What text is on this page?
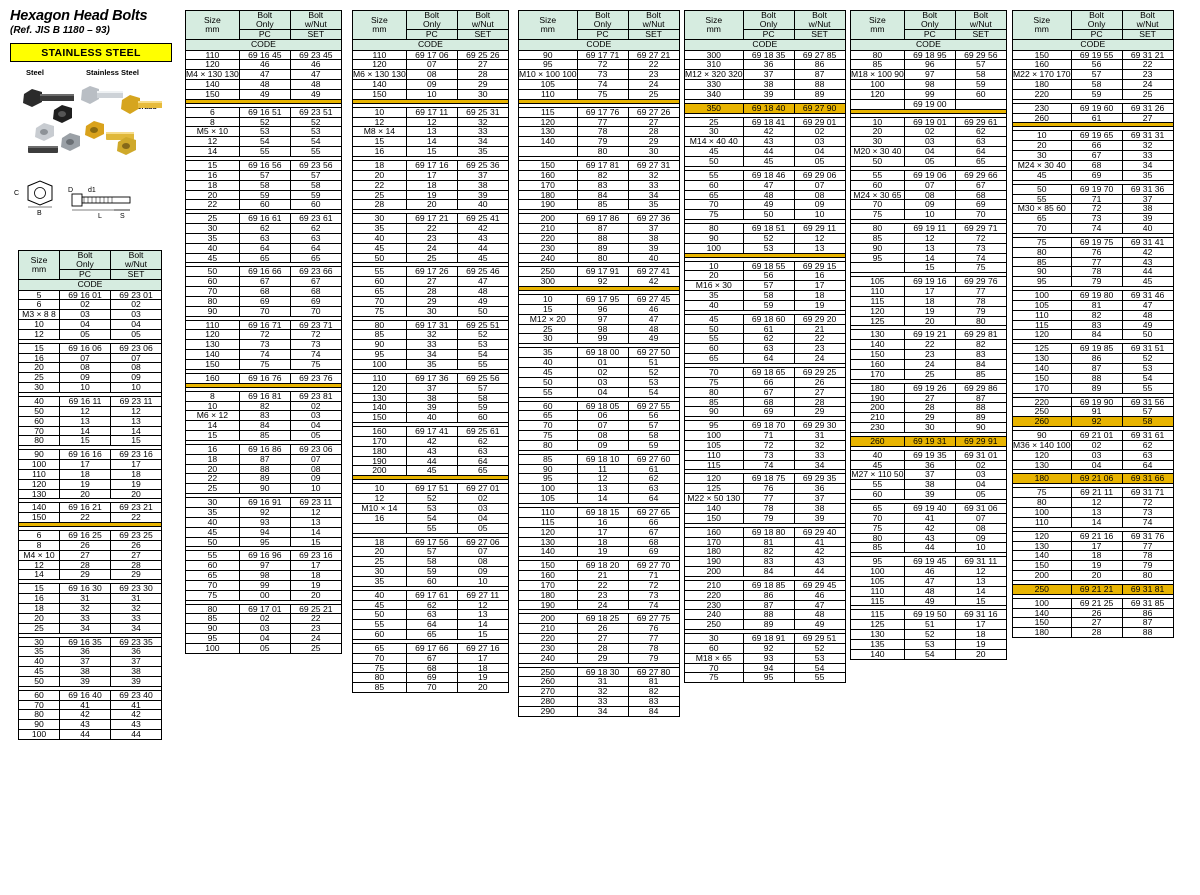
Hexagon Head Bolts
(Ref. JIS B 1180 – 93)
STAINLESS STEEL
Steel	Stainless Steel
C
B
D d1
L	S
Size
mm	Bolt
Only	Bolt
w/Nut
	PC	SET
CODE		
5	69 16 01	69 23 01
6	02	02
M3 × 8 8	03	03
10	04	04
12	05	05

15	69 16 06	69 23 06
16	07	07
20	08	08
25	09	09
30	10	10

40	69 16 11	69 23 11
50	12	12
60	13	13
70	14	14
80	15	15

90	69 16 16	69 23 16
100	17	17
110	18	18
120	19	19
130	20	20

140	69 16 21	69 23 21
150	22	22

6	69 16 25	69 23 25
8	26	26
M4 × 10	27	27
12	28	28
14	29	29

15	69 16 30	69 23 30
16	31	31
18	32	32
20	33	33
25	34	34

30	69 16 35	69 23 35
35	36	36
40	37	37
45	38	38
50	39	39

60	69 16 40	69 23 40
70	41	41
80	42	42
90	43	43
100	44	44
Size
mm	Bolt
Only	Bolt
w/Nut
	PC	SET
CODE		
110	69 16 45	69 23 45
120	46	46
M4 × 130 130	47	47
140	48	48
150	49	49

6	69 16 51	69 23 51
8	52	52
M5 × 10	53	53
12	54	54
14	55	55

15	69 16 56	69 23 56
16	57	57
18	58	58
20	59	59
22	60	60

25	69 16 61	69 23 61
30	62	62
35	63	63
40	64	64
45	65	65

50	69 16 66	69 23 66
60	67	67
70	68	68
80	69	69
90	70	70

110	69 16 71	69 23 71
120	72	72
130	73	73
140	74	74
150	75	75

160	69 16 76	69 23 76

8	69 16 81	69 23 81
10	82	02
M6 × 12	83	03
14	84	04
15	85	05

16	69 16 86	69 23 06
18	87	07
20	88	08
22	89	09
25	90	10

30	69 16 91	69 23 11
35	92	12
40	93	13
45	94	14
50	95	15

55	69 16 96	69 23 16
60	97	17
65	98	18
70	99	19
75	00	20

80	69 17 01	69 25 21
85	02	22
90	03	23
95	04	24
100	05	25
Size
mm	Bolt
Only	Bolt
w/Nut
	PC	SET
CODE		
110	69 17 06	69 25 26
120	07	27
M6 × 130 130	08	28
140	09	29
150	10	30

10	69 17 11	69 25 31
12	12	32
M8 × 14	13	33
15	14	34
16	15	35

18	69 17 16	69 25 36
20	17	37
22	18	38
25	19	39
28	20	40

30	69 17 21	69 25 41
35	22	42
40	23	43
45	24	44
50	25	45

55	69 17 26	69 25 46
60	27	47
65	28	48
70	29	49
75	30	50

80	69 17 31	69 25 51
85	32	52
90	33	53
95	34	54
100	35	55

110	69 17 36	69 25 56
120	37	57
130	38	58
140	39	59
150	40	60

160	69 17 41	69 25 61
170	42	62
180	43	63
190	44	64
200	45	65

10	69 17 51	69 27 01
12	52	02
M10 × 14	53	03
16	54	04
	55	05

18	69 17 56	69 27 06
20	57	07
25	58	08
30	59	09
35	60	10

40	69 17 61	69 27 11
45	62	12
50	63	13
55	64	14
60	65	15

65	69 17 66	69 27 16
70	67	17
75	68	18
80	69	19
85	70	20
Size
mm	Bolt
Only	Bolt
w/Nut
	PC	SET
CODE		
90	69 17 71	69 27 21
95	72	22
M10 × 100 100	73	23
105	74	24
110	75	25

115	69 17 76	69 27 26
120	77	27
130	78	28
140	79	29
	80	30

150	69 17 81	69 27 31
160	82	32
170	83	33
180	84	34
190	85	35

200	69 17 86	69 27 36
210	87	37
220	88	38
230	89	39
240	80	40

250	69 17 91	69 27 41
300	92	42

10	69 17 95	69 27 45
15	96	46
M12 × 20	97	47
25	98	48
30	99	49

35	69 18 00	69 27 50
40	01	51
45	02	52
50	03	53
55	04	54

60	69 18 05	69 27 55
65	06	56
70	07	57
75	08	58
80	09	59

85	69 18 10	69 27 60
90	11	61
95	12	62
100	13	63
105	14	64

110	69 18 15	69 27 65
115	16	66
120	17	67
130	18	68
140	19	69

150	69 18 20	69 27 70
160	21	71
170	22	72
180	23	73
190	24	74

200	69 18 25	69 27 75
210	26	76
220	27	77
230	28	78
240	29	79

250	69 18 30	69 27 80
260	31	81
270	32	82
280	33	83
290	34	84
Size
mm	Bolt
Only	Bolt
w/Nut
	PC	SET
CODE		
300	69 18 35	69 27 85
310	36	86
M12 × 320 320	37	87
330	38	88
340	39	89

350	69 18 40	69 27 90

25	69 18 41	69 29 01
30	42	02
M14 × 40 40	43	03
45	44	04
50	45	05

55	69 18 46	69 29 06
60	47	07
65	48	08
70	49	09
75	50	10

80	69 18 51	69 29 11
90	52	12
100	53	13

10	69 18 55	69 29 15
20	56	16
M16 × 30	57	17
35	58	18
40	59	19

45	69 18 60	69 29 20
50	61	21
55	62	22
60	63	23
65	64	24

70	69 18 65	69 29 25
75	66	26
80	67	27
85	68	28
90	69	29

95	69 18 70	69 29 30
100	71	31
105	72	32
110	73	33
115	74	34

120	69 18 75	69 29 35
125	76	36
M22 × 50 130	77	37
140	78	38
150	79	39

160	69 18 80	69 29 40
170	81	41
180	82	42
190	83	43
200	84	44

210	69 18 85	69 29 45
220	86	46
230	87	47
240	88	48
250	89	49

30	69 18 91	69 29 51
60	92	52
M18 × 65	93	53
70	94	54
75	95	55
Size
mm	Bolt
Only	Bolt
w/Nut
	PC	SET
CODE		
80	69 18 95	69 29 56
85	96	57
M18 × 100 90	97	58
100	98	59
120	99	60
	69 19 00	

10	69 19 01	69 29 61
20	02	62
30	03	63
M20 × 30 40	04	64
50	05	65

55	69 19 06	69 29 66
60	07	67
M24 × 30 65	08	68
70	09	69
75	10	70

80	69 19 11	69 29 71
85	12	72
90	13	73
95	14	74
	15	75

105	69 19 16	69 29 76
110	17	77
115	18	78
120	19	79
125	20	80

130	69 19 21	69 29 81
140	22	82
150	23	83
160	24	84
170	25	85

180	69 19 26	69 29 86
190	27	87
200	28	88
210	29	89
230	30	90

260	69 19 31	69 29 91

40	69 19 35	69 31 01
45	36	02
M27 × 110 50	37	03
55	38	04
60	39	05

65	69 19 40	69 31 06
70	41	07
75	42	08
80	43	09
85	44	10

95	69 19 45	69 31 11
100	46	12
105	47	13
110	48	14
115	49	15

115	69 19 50	69 31 16
125	51	17
130	52	18
135	53	19
140	54	20
Size
mm	Bolt
Only	Bolt
w/Nut
	PC	SET
CODE		
150	69 19 55	69 31 21
160	56	22
M22 × 170 170	57	23
180	58	24
220	59	25

230	69 19 60	69 31 26
260	61	27

10	69 19 65	69 31 31
20	66	32
30	67	33
M24 × 30 40	68	34
45	69	35

50	69 19 70	69 31 36
55	71	37
M30 × 85 60	72	38
65	73	39
70	74	40

75	69 19 75	69 31 41
80	76	42
85	77	43
90	78	44
95	79	45

100	69 19 80	69 31 46
105	81	47
110	82	48
115	83	49
120	84	50

125	69 19 85	69 31 51
130	86	52
140	87	53
150	88	54
170	89	55

220	69 19 90	69 31 56
250	91	57
260	92	58

90	69 21 01	69 31 61
M36 × 140 100	02	62
120	03	63
130	04	64

180	69 21 06	69 31 66

75	69 21 11	69 31 71
80	12	72
100	13	73
110	14	74

120	69 21 16	69 31 76
130	17	77
140	18	78
150	19	79
200	20	80

250	69 21 21	69 31 81

100	69 21 25	69 31 85
140	26	86
150	27	87
180	28	88
